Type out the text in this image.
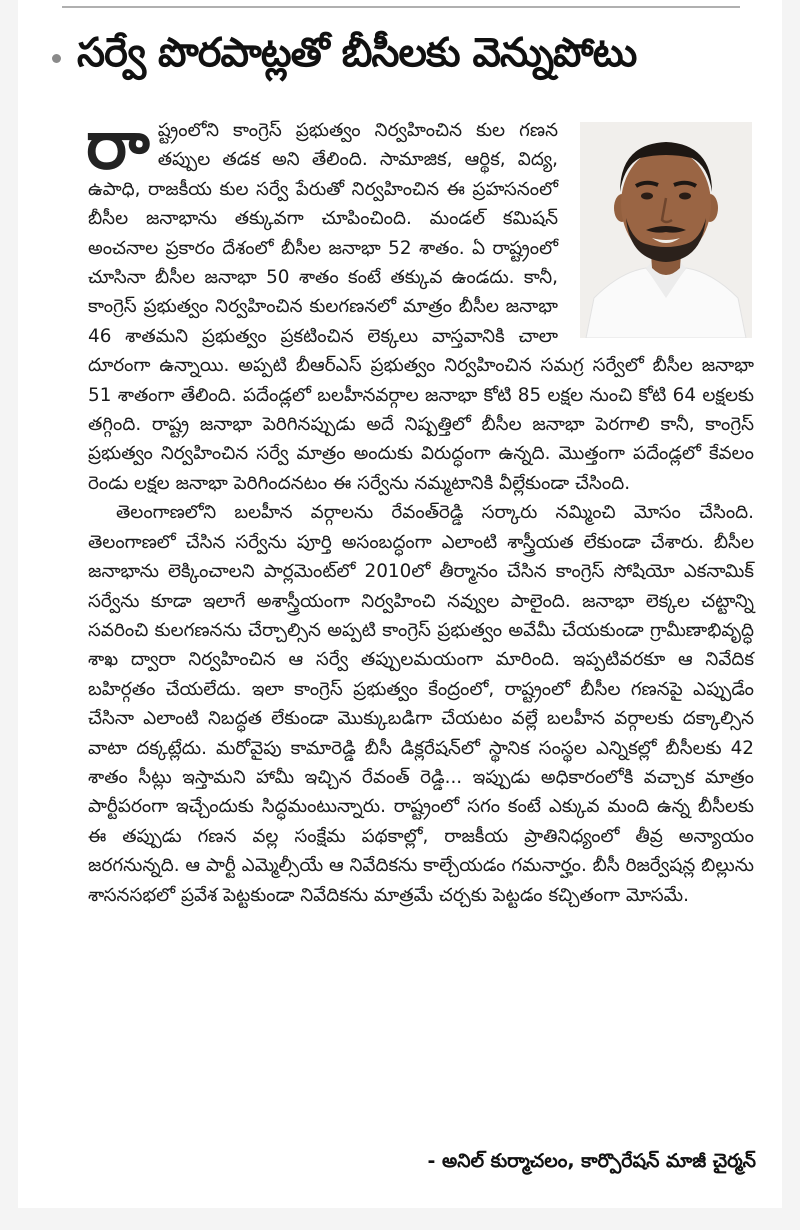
సర్వే పొరపాట్లతో బీసీలకు వెన్నుపోటు

రాష్ట్రంలోని కాంగ్రెస్ ప్రభుత్వం నిర్వహించిన కుల గణన తప్పుల తడక అని తేలింది. సామాజిక, ఆర్థిక, విద్య, ఉపాధి, రాజకీయ కుల సర్వే పేరుతో నిర్వహించిన ఈ ప్రహసనంలో బీసీల జనాభాను తక్కువగా చూపించింది. మండల్ కమిషన్ అంచనాల ప్రకారం దేశంలో బీసీల జనాభా 52 శాతం. ఏ రాష్ట్రంలో చూసినా బీసీల జనాభా 50 శాతం కంటే తక్కువ ఉండదు. కానీ, కాంగ్రెస్ ప్రభుత్వం నిర్వహించిన కులగణనలో మాత్రం బీసీల జనాభా 46 శాతమని ప్రభుత్వం ప్రకటించిన లెక్కలు వాస్తవానికి చాలా దూరంగా ఉన్నాయి. అప్పటి బీఆర్ఎస్ ప్రభుత్వం నిర్వహించిన సమగ్ర సర్వేలో బీసీల జనాభా 51 శాతంగా తేలింది. పదేండ్లలో బలహీనవర్గాల జనాభా కోటి 85 లక్షల నుంచి కోటి 64 లక్షలకు తగ్గింది. రాష్ట్ర జనాభా పెరిగినప్పుడు అదే నిష్పత్తిలో బీసీల జనాభా పెరగాలి కానీ, కాంగ్రెస్ ప్రభుత్వం నిర్వహించిన సర్వే మాత్రం అందుకు విరుద్ధంగా ఉన్నది. మొత్తంగా పదేండ్లలో కేవలం రెండు లక్షల జనాభా పెరిగిందనటం ఈ సర్వేను నమ్మటానికి వీల్లేకుండా చేసింది.

తెలంగాణలోని బలహీన వర్గాలను రేవంత్‌రెడ్డి సర్కారు నమ్మించి మోసం చేసింది. తెలంగాణలో చేసిన సర్వేను పూర్తి అసంబద్ధంగా ఎలాంటి శాస్త్రీయత లేకుండా చేశారు. బీసీల జనాభాను లెక్కించాలని పార్లమెంట్‌లో 2010లో తీర్మానం చేసిన కాంగ్రెస్ సోషియో ఎకనామిక్ సర్వేను కూడా ఇలాగే అశాస్త్రీయంగా నిర్వహించి నవ్వుల పాలైంది. జనాభా లెక్కల చట్టాన్ని సవరించి కులగణనను చేర్చాల్సిన అప్పటి కాంగ్రెస్ ప్రభుత్వం అవేమీ చేయకుండా గ్రామీణాభివృద్ధి శాఖ ద్వారా నిర్వహించిన ఆ సర్వే తప్పులమయంగా మారింది. ఇప్పటివరకూ ఆ నివేదిక బహిర్గతం చేయలేదు. ఇలా కాంగ్రెస్ ప్రభుత్వం కేంద్రంలో, రాష్ట్రంలో బీసీల గణనపై ఎప్పుడేం చేసినా ఎలాంటి నిబద్ధత లేకుండా మొక్కుబడిగా చేయటం వల్లే బలహీన వర్గాలకు దక్కాల్సిన వాటా దక్కట్లేదు. మరోవైపు కామారెడ్డి బీసీ డిక్లరేషన్‌లో స్థానిక సంస్థల ఎన్నికల్లో బీసీలకు 42 శాతం సీట్లు ఇస్తామని హామీ ఇచ్చిన రేవంత్ రెడ్డి... ఇప్పుడు అధికారంలోకి వచ్చాక మాత్రం పార్టీపరంగా ఇచ్చేందుకు సిద్ధమంటున్నారు. రాష్ట్రంలో సగం కంటే ఎక్కువ మంది ఉన్న బీసీలకు ఈ తప్పుడు గణన వల్ల సంక్షేమ పథకాల్లో, రాజకీయ ప్రాతినిధ్యంలో తీవ్ర అన్యాయం జరగనున్నది. ఆ పార్టీ ఎమ్మెల్సీయే ఆ నివేదికను కాల్చేయడం గమనార్హం. బీసీ రిజర్వేషన్ల బిల్లును శాసనసభలో ప్రవేశ పెట్టకుండా నివేదికను మాత్రమే చర్చకు పెట్టడం కచ్చితంగా మోసమే.

- అనిల్ కుర్మాచలం, కార్పొరేషన్ మాజీ చైర్మన్
